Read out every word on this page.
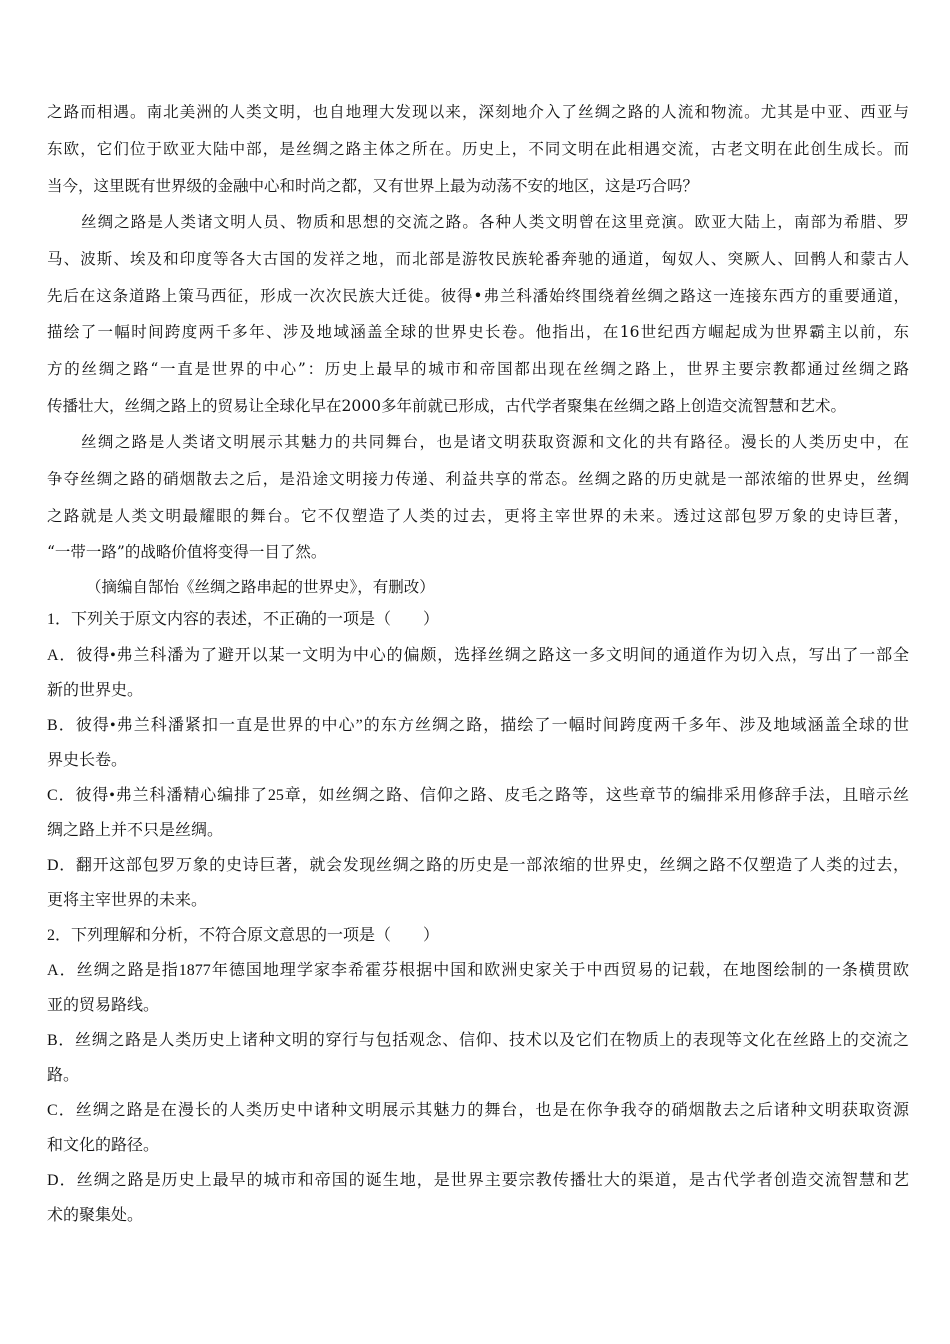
之路而相遇。南北美洲的人类文明，也自地理大发现以来，深刻地介入了丝绸之路的人流和物流。尤其是中亚、西亚与
东欧，它们位于欧亚大陆中部，是丝绸之路主体之所在。历史上，不同文明在此相遇交流，古老文明在此创生成长。而
当今，这里既有世界级的金融中心和时尚之都，又有世界上最为动荡不安的地区，这是巧合吗？
丝绸之路是人类诸文明人员、物质和思想的交流之路。各种人类文明曾在这里竞演。欧亚大陆上，南部为希腊、罗
马、波斯、埃及和印度等各大古国的发祥之地，而北部是游牧民族轮番奔驰的通道，匈奴人、突厥人、回鹘人和蒙古人
先后在这条道路上策马西征，形成一次次民族大迁徙。彼得•弗兰科潘始终围绕着丝绸之路这一连接东西方的重要通道，
描绘了一幅时间跨度两千多年、涉及地域涵盖全球的世界史长卷。他指出，在16世纪西方崛起成为世界霸主以前，东
方的丝绸之路“一直是世界的中心”：历史上最早的城市和帝国都出现在丝绸之路上，世界主要宗教都通过丝绸之路
传播壮大，丝绸之路上的贸易让全球化早在2000多年前就已形成，古代学者聚集在丝绸之路上创造交流智慧和艺术。
丝绸之路是人类诸文明展示其魅力的共同舞台，也是诸文明获取资源和文化的共有路径。漫长的人类历史中，在
争夺丝绸之路的硝烟散去之后，是沿途文明接力传递、利益共享的常态。丝绸之路的历史就是一部浓缩的世界史，丝绸
之路就是人类文明最耀眼的舞台。它不仅塑造了人类的过去，更将主宰世界的未来。透过这部包罗万象的史诗巨著，
“一带一路”的战略价值将变得一目了然。
（摘编自郜怡《丝绸之路串起的世界史》，有删改）
1．下列关于原文内容的表述，不正确的一项是（　　）
A．彼得•弗兰科潘为了避开以某一文明为中心的偏颇，选择丝绸之路这一多文明间的通道作为切入点，写出了一部全
新的世界史。
B．彼得•弗兰科潘紧扣一直是世界的中心”的东方丝绸之路，描绘了一幅时间跨度两千多年、涉及地域涵盖全球的世
界史长卷。
C．彼得•弗兰科潘精心编排了25章，如丝绸之路、信仰之路、皮毛之路等，这些章节的编排采用修辞手法，且暗示丝
绸之路上并不只是丝绸。
D．翻开这部包罗万象的史诗巨著，就会发现丝绸之路的历史是一部浓缩的世界史，丝绸之路不仅塑造了人类的过去，
更将主宰世界的未来。
2．下列理解和分析，不符合原文意思的一项是（　　）
A．丝绸之路是指1877年德国地理学家李希霍芬根据中国和欧洲史家关于中西贸易的记载，在地图绘制的一条横贯欧
亚的贸易路线。
B．丝绸之路是人类历史上诸种文明的穿行与包括观念、信仰、技术以及它们在物质上的表现等文化在丝路上的交流之
路。
C．丝绸之路是在漫长的人类历史中诸种文明展示其魅力的舞台，也是在你争我夺的硝烟散去之后诸种文明获取资源
和文化的路径。
D．丝绸之路是历史上最早的城市和帝国的诞生地，是世界主要宗教传播壮大的渠道，是古代学者创造交流智慧和艺
术的聚集处。
